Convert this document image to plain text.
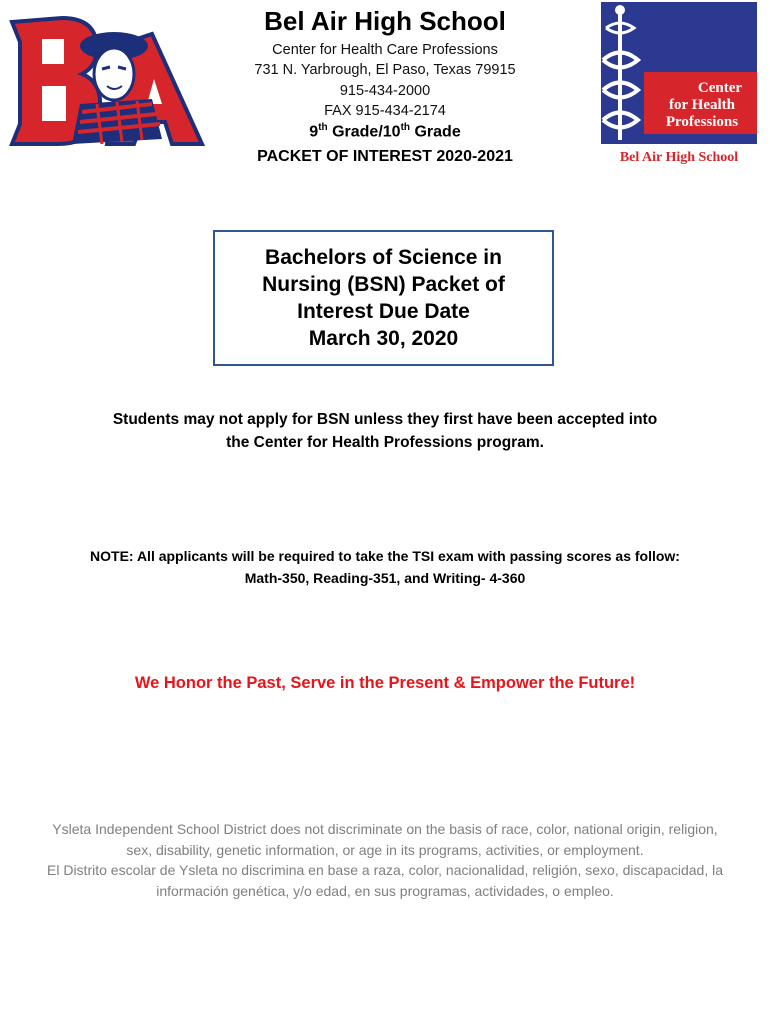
Bel Air High School
Center for Health Care Professions
731 N. Yarbrough, El Paso, Texas 79915
915-434-2000
FAX 915-434-2174
9th Grade/10th Grade
PACKET OF INTEREST 2020-2021
Center
for Health
Professions
Bel Air High School
Bachelors of Science in
Nursing (BSN) Packet of
Interest Due Date
March 30, 2020
Students may not apply for BSN unless they first have been accepted into
the Center for Health Professions program.
NOTE: All applicants will be required to take the TSI exam with passing scores as follow:
Math-350, Reading-351, and Writing- 4-360
We Honor the Past, Serve in the Present & Empower the Future!
Ysleta Independent School District does not discriminate on the basis of race, color, national origin, religion,
sex, disability, genetic information, or age in its programs, activities, or employment.
El Distrito escolar de Ysleta no discrimina en base a raza, color, nacionalidad, religión, sexo, discapacidad, la
información genética, y/o edad, en sus programas, actividades, o empleo.
